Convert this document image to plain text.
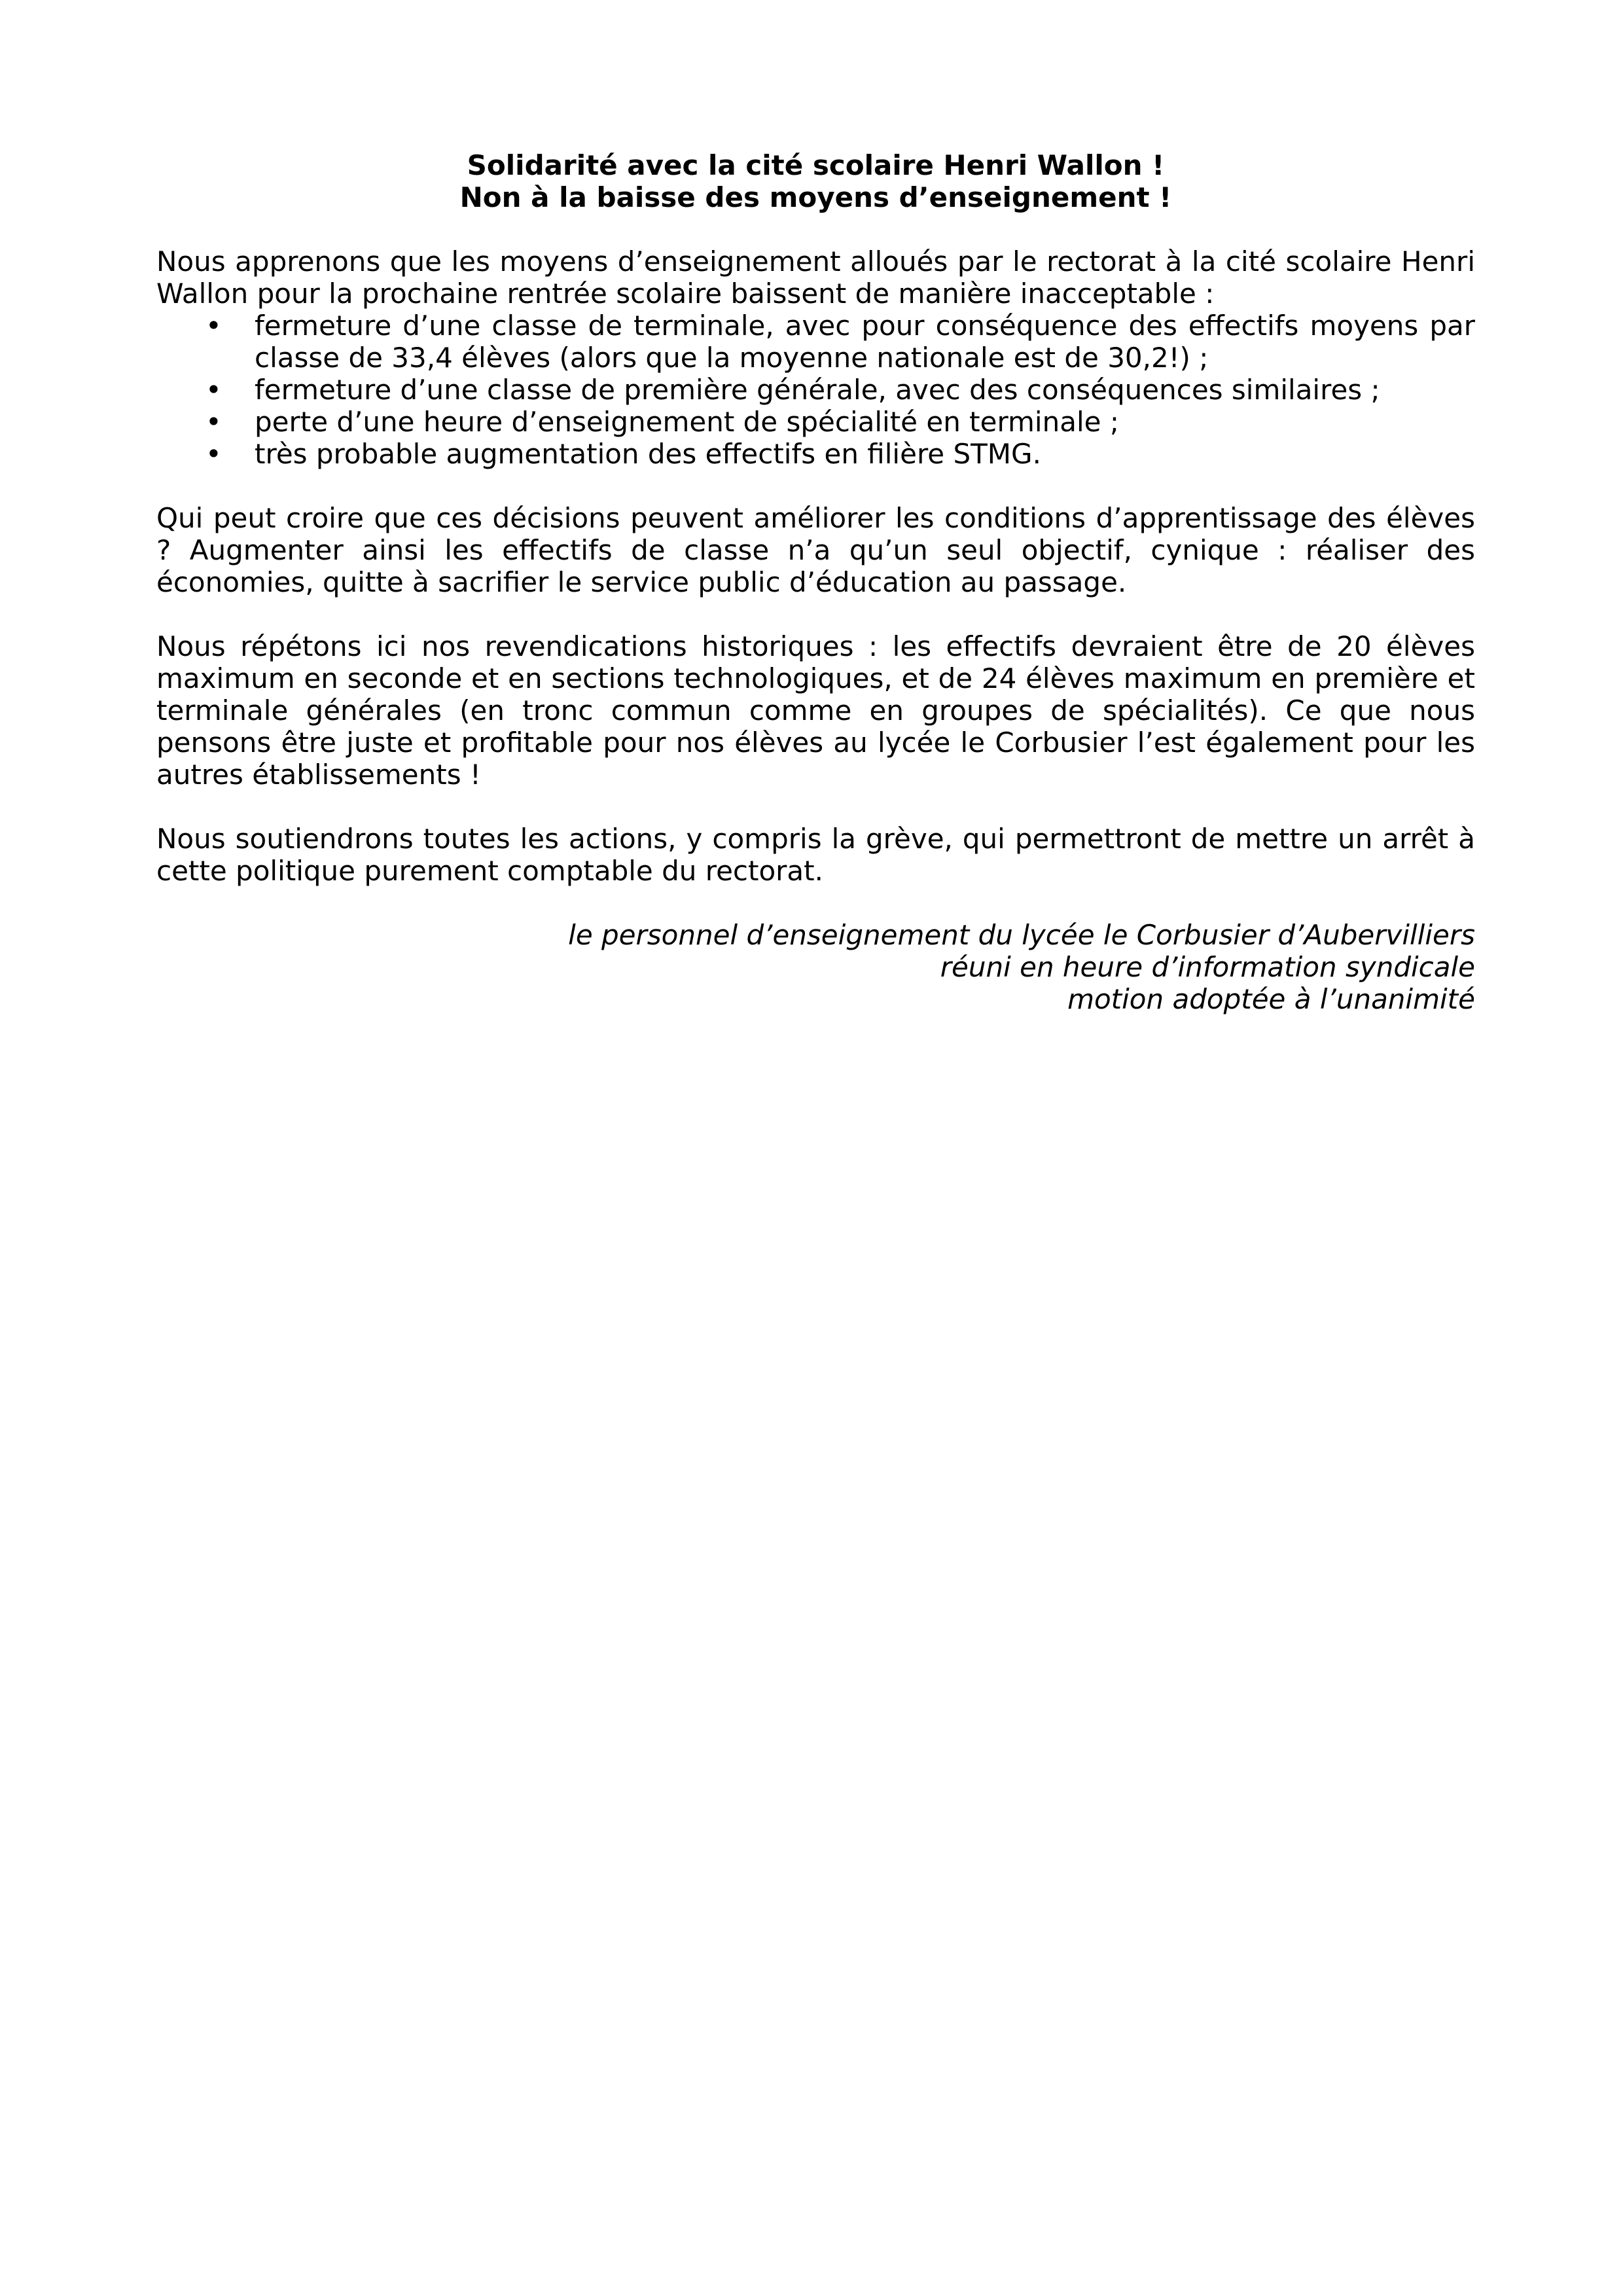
Solidarité avec la cité scolaire Henri Wallon !
Non à la baisse des moyens d’enseignement !

Nous apprenons que les moyens d’enseignement alloués par le rectorat à la cité scolaire Henri Wallon pour la prochaine rentrée scolaire baissent de manière inacceptable :

• fermeture d’une classe de terminale, avec pour conséquence des effectifs moyens par classe de 33,4 élèves (alors que la moyenne nationale est de 30,2!) ;
• fermeture d’une classe de première générale, avec des conséquences similaires ;
• perte d’une heure d’enseignement de spécialité en terminale ;
• très probable augmentation des effectifs en filière STMG.

Qui peut croire que ces décisions peuvent améliorer les conditions d’apprentissage des élèves ? Augmenter ainsi les effectifs de classe n’a qu’un seul objectif, cynique : réaliser des économies, quitte à sacrifier le service public d’éducation au passage.

Nous répétons ici nos revendications historiques : les effectifs devraient être de 20 élèves maximum en seconde et en sections technologiques, et de 24 élèves maximum en première et terminale générales (en tronc commun comme en groupes de spécialités). Ce que nous pensons être juste et profitable pour nos élèves au lycée le Corbusier l’est également pour les autres établissements !

Nous soutiendrons toutes les actions, y compris la grève, qui permettront de mettre un arrêt à cette politique purement comptable du rectorat.

le personnel d’enseignement du lycée le Corbusier d’Aubervilliers
réuni en heure d’information syndicale
motion adoptée à l’unanimité
